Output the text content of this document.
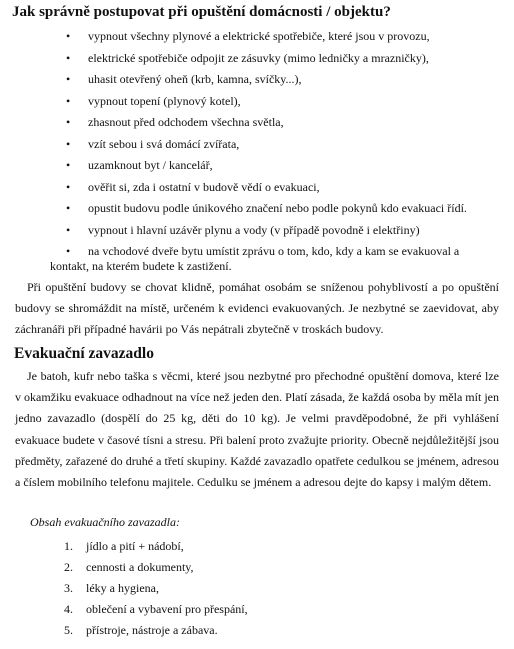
Jak správně postupovat při opuštění domácnosti / objektu?
• vypnout všechny plynové a elektrické spotřebiče, které jsou v provozu,
• elektrické spotřebiče odpojit ze zásuvky (mimo ledničky a mrazničky),
• uhasit otevřený oheň (krb, kamna, svíčky...),
• vypnout topení (plynový kotel),
• zhasnout před odchodem všechna světla,
• vzít sebou i svá domácí zvířata,
• uzamknout byt / kancelář,
• ověřit si, zda i ostatní v budově vědí o evakuaci,
• opustit budovu podle únikového značení nebo podle pokynů kdo evakuaci řídí.
• vypnout i hlavní uzávěr plynu a vody (v případě povodně i elektřiny)
• na vchodové dveře bytu umístit zprávu o tom, kdo, kdy a kam se evakuoval a
kontakt, na kterém budete k zastižení.

Při opuštění budovy se chovat klidně, pomáhat osobám se sníženou pohyblivostí a po opuštění budovy se shromáždit na místě, určeném k evidenci evakuovaných. Je nezbytné se zaevidovat, aby záchranáři při případné havárii po Vás nepátrali zbytečně v troskách budovy.

Evakuační zavazadlo

Je batoh, kufr nebo taška s věcmi, které jsou nezbytné pro přechodné opuštění domova, které lze v okamžiku evakuace odhadnout na více než jeden den. Platí zásada, že každá osoba by měla mít jen jedno zavazadlo (dospělí do 25 kg, děti do 10 kg). Je velmi pravděpodobné, že při vyhlášení evakuace budete v časové tísni a stresu. Při balení proto zvažujte priority. Obecně nejdůležitější jsou předměty, zařazené do druhé a třetí skupiny. Každé zavazadlo opatřete cedulkou se jménem, adresou a číslem mobilního telefonu majitele. Cedulku se jménem a adresou dejte do kapsy i malým dětem.

Obsah evakuačního zavazadla:
1. jídlo a pití + nádobí,
2. cennosti a dokumenty,
3. léky a hygiena,
4. oblečení a vybavení pro přespání,
5. přístroje, nástroje a zábava.
